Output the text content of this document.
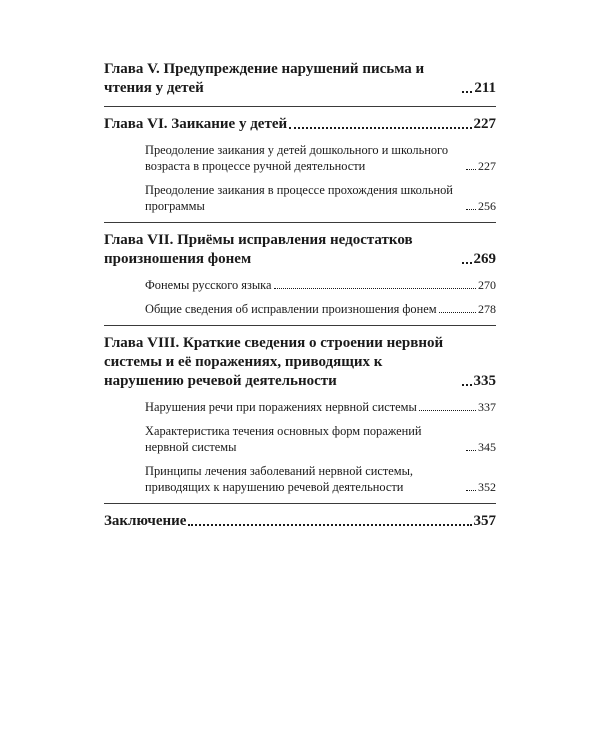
Глава V. Предупреждение нарушений письма и чтения у детей	211
Глава VI. Заикание у детей	227
Преодоление заикания у детей дошкольного и школьного возраста в процессе ручной деятельности	227
Преодоление заикания в процессе прохождения школьной программы	256
Глава VII. Приёмы исправления недостатков произношения фонем	269
Фонемы русского языка	270
Общие сведения об исправлении произношения фонем	278
Глава VIII. Краткие сведения о строении нервной системы и её поражениях, приводящих к нарушению речевой деятельности	335
Нарушения речи при поражениях нервной системы	337
Характеристика течения основных форм поражений нервной системы	345
Принципы лечения заболеваний нервной системы, приводящих к нарушению речевой деятельности	352
Заключение	357
